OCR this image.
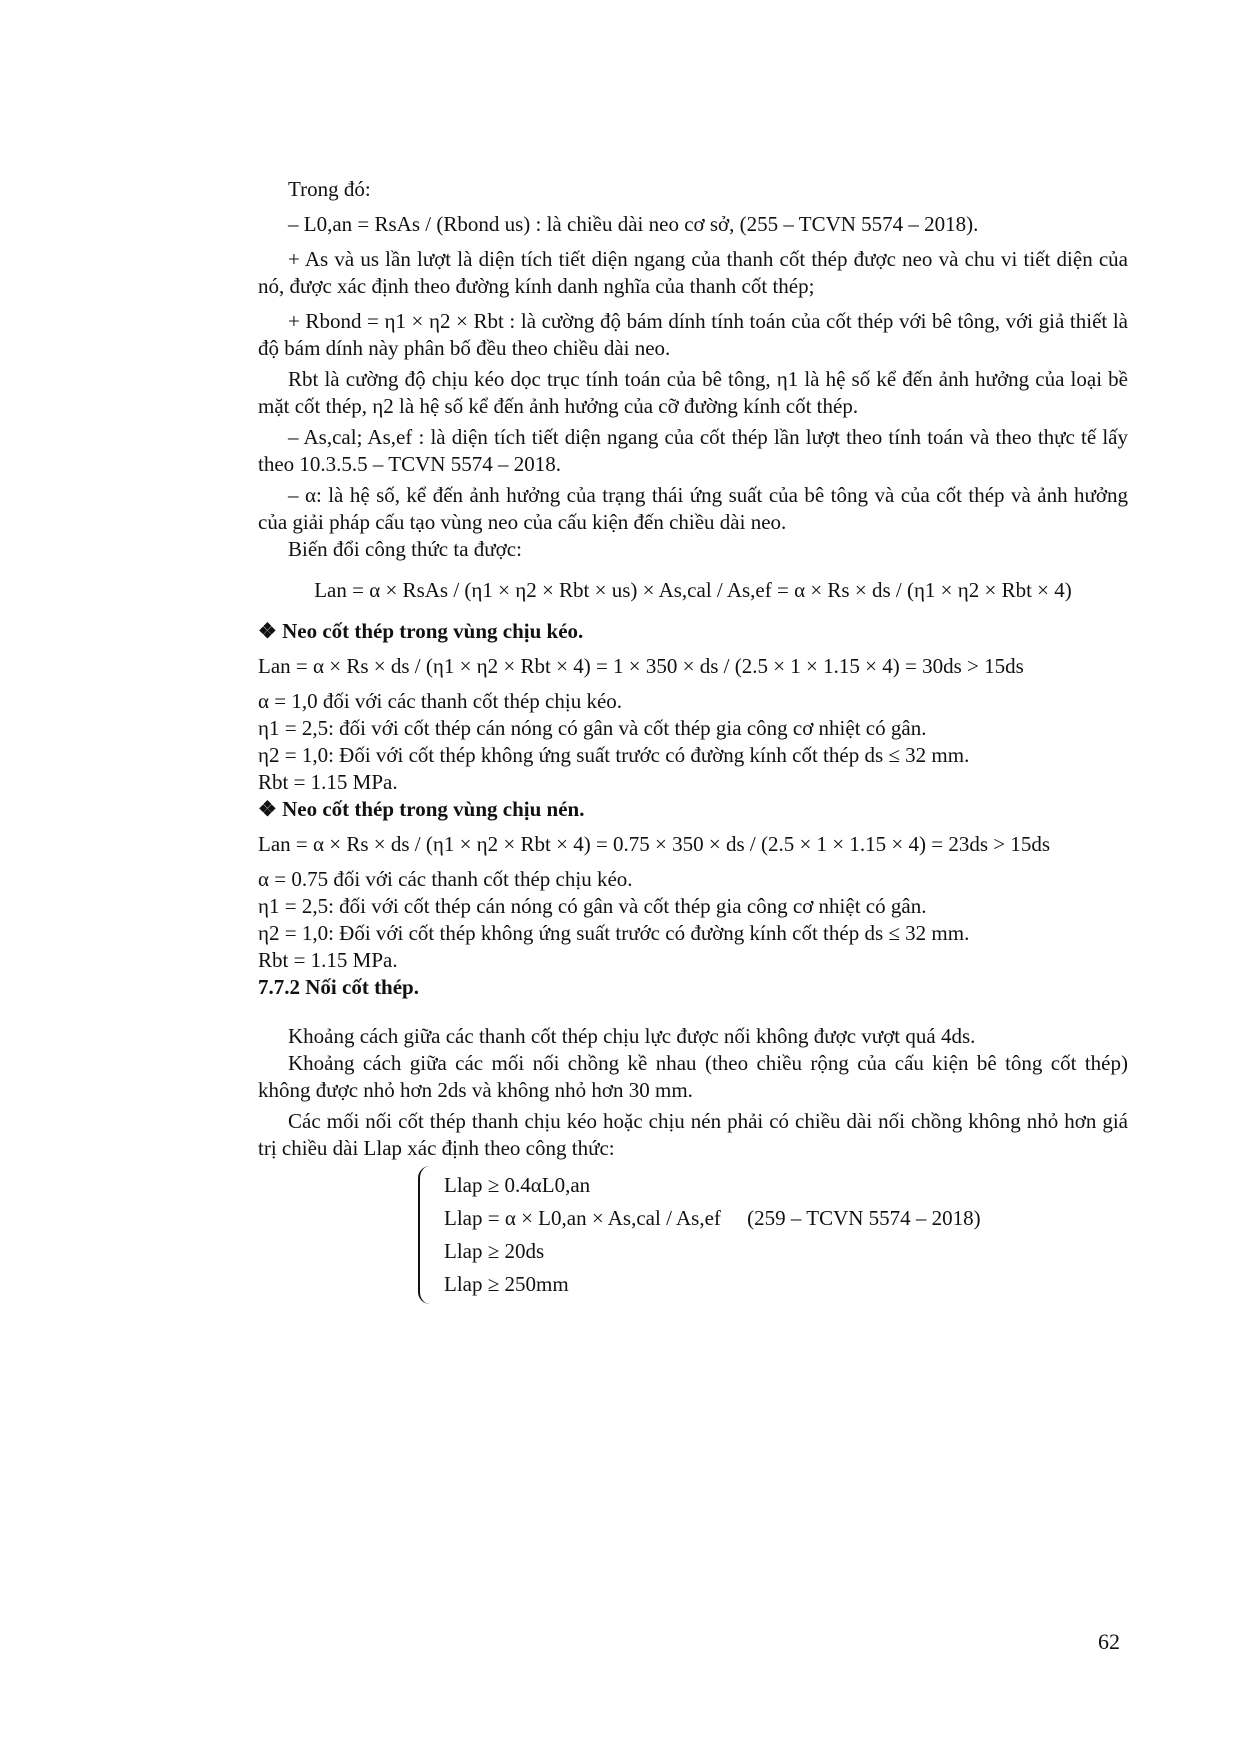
Trong đó:
– L0,an = RsAs / (Rbond us) : là chiều dài neo cơ sở, (255 – TCVN 5574 – 2018).
+ As và us lần lượt là diện tích tiết diện ngang của thanh cốt thép được neo và chu vi tiết diện của nó, được xác định theo đường kính danh nghĩa của thanh cốt thép;
+ Rbond = η1 × η2 × Rbt : là cường độ bám dính tính toán của cốt thép với bê tông, với giả thiết là độ bám dính này phân bố đều theo chiều dài neo.
Rbt là cường độ chịu kéo dọc trục tính toán của bê tông, η1 là hệ số kể đến ảnh hưởng của loại bề mặt cốt thép, η2 là hệ số kể đến ảnh hưởng của cỡ đường kính cốt thép.
– As,cal; As,ef : là diện tích tiết diện ngang của cốt thép lần lượt theo tính toán và theo thực tế lấy theo 10.3.5.5 – TCVN 5574 – 2018.
– α: là hệ số, kể đến ảnh hưởng của trạng thái ứng suất của bê tông và của cốt thép và ảnh hưởng của giải pháp cấu tạo vùng neo của cấu kiện đến chiều dài neo.
Biến đổi công thức ta được:
Lan = α × RsAs / (η1 × η2 × Rbt × us) × As,cal / As,ef = α × Rs × ds / (η1 × η2 × Rbt × 4)
❖ Neo cốt thép trong vùng chịu kéo.
Lan = α × Rs × ds / (η1 × η2 × Rbt × 4) = 1 × 350 × ds / (2.5 × 1 × 1.15 × 4) = 30ds > 15ds
α = 1,0 đối với các thanh cốt thép chịu kéo.
η1 = 2,5: đối với cốt thép cán nóng có gân và cốt thép gia công cơ nhiệt có gân.
η2 = 1,0: Đối với cốt thép không ứng suất trước có đường kính cốt thép ds ≤ 32 mm.
Rbt = 1.15 MPa.
❖ Neo cốt thép trong vùng chịu nén.
Lan = α × Rs × ds / (η1 × η2 × Rbt × 4) = 0.75 × 350 × ds / (2.5 × 1 × 1.15 × 4) = 23ds > 15ds
α = 0.75 đối với các thanh cốt thép chịu kéo.
η1 = 2,5: đối với cốt thép cán nóng có gân và cốt thép gia công cơ nhiệt có gân.
η2 = 1,0: Đối với cốt thép không ứng suất trước có đường kính cốt thép ds ≤ 32 mm.
Rbt = 1.15 MPa.
7.7.2 Nối cốt thép.
Khoảng cách giữa các thanh cốt thép chịu lực được nối không được vượt quá 4ds.
Khoảng cách giữa các mối nối chồng kề nhau (theo chiều rộng của cấu kiện bê tông cốt thép) không được nhỏ hơn 2ds và không nhỏ hơn 30 mm.
Các mối nối cốt thép thanh chịu kéo hoặc chịu nén phải có chiều dài nối chồng không nhỏ hơn giá trị chiều dài Llap xác định theo công thức:
Llap ≥ 0.4αL0,an
Llap = α × L0,an × As,cal / As,ef (259 – TCVN 5574 – 2018)
Llap ≥ 20ds
Llap ≥ 250mm
62
